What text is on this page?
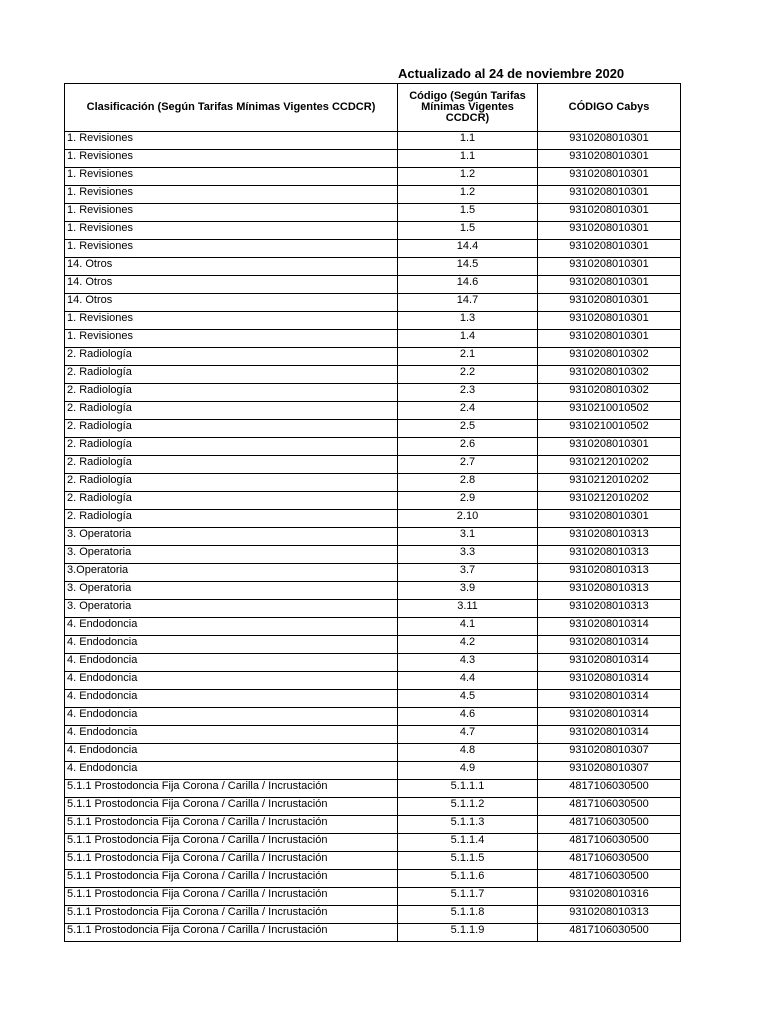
Actualizado al 24 de noviembre 2020
Clasificación (Según Tarifas Mínimas Vigentes CCDCR)	Código (Según Tarifas Mínimas Vigentes CCDCR)	CÓDIGO Cabys
1. Revisiones	1.1	9310208010301
1. Revisiones	1.1	9310208010301
1. Revisiones	1.2	9310208010301
1. Revisiones	1.2	9310208010301
1. Revisiones	1.5	9310208010301
1. Revisiones	1.5	9310208010301
1. Revisiones	14.4	9310208010301
14. Otros	14.5	9310208010301
14. Otros	14.6	9310208010301
14. Otros	14.7	9310208010301
1. Revisiones	1.3	9310208010301
1. Revisiones	1.4	9310208010301
2. Radiología	2.1	9310208010302
2. Radiología	2.2	9310208010302
2. Radiología	2.3	9310208010302
2. Radiología	2.4	9310210010502
2. Radiología	2.5	9310210010502
2. Radiología	2.6	9310208010301
2. Radiología	2.7	9310212010202
2. Radiología	2.8	9310212010202
2. Radiología	2.9	9310212010202
2. Radiología	2.10	9310208010301
3. Operatoria	3.1	9310208010313
3. Operatoria	3.3	9310208010313
3.Operatoria	3.7	9310208010313
3. Operatoria	3.9	9310208010313
3. Operatoria	3.11	9310208010313
4. Endodoncia	4.1	9310208010314
4. Endodoncia	4.2	9310208010314
4. Endodoncia	4.3	9310208010314
4. Endodoncia	4.4	9310208010314
4. Endodoncia	4.5	9310208010314
4. Endodoncia	4.6	9310208010314
4. Endodoncia	4.7	9310208010314
4. Endodoncia	4.8	9310208010307
4. Endodoncia	4.9	9310208010307
5.1.1 Prostodoncia Fija Corona / Carilla / Incrustación	5.1.1.1	4817106030500
5.1.1 Prostodoncia Fija Corona / Carilla / Incrustación	5.1.1.2	4817106030500
5.1.1 Prostodoncia Fija Corona / Carilla / Incrustación	5.1.1.3	4817106030500
5.1.1 Prostodoncia Fija Corona / Carilla / Incrustación	5.1.1.4	4817106030500
5.1.1 Prostodoncia Fija Corona / Carilla / Incrustación	5.1.1.5	4817106030500
5.1.1 Prostodoncia Fija Corona / Carilla / Incrustación	5.1.1.6	4817106030500
5.1.1 Prostodoncia Fija Corona / Carilla / Incrustación	5.1.1.7	9310208010316
5.1.1 Prostodoncia Fija Corona / Carilla / Incrustación	5.1.1.8	9310208010313
5.1.1 Prostodoncia Fija Corona / Carilla / Incrustación	5.1.1.9	4817106030500
